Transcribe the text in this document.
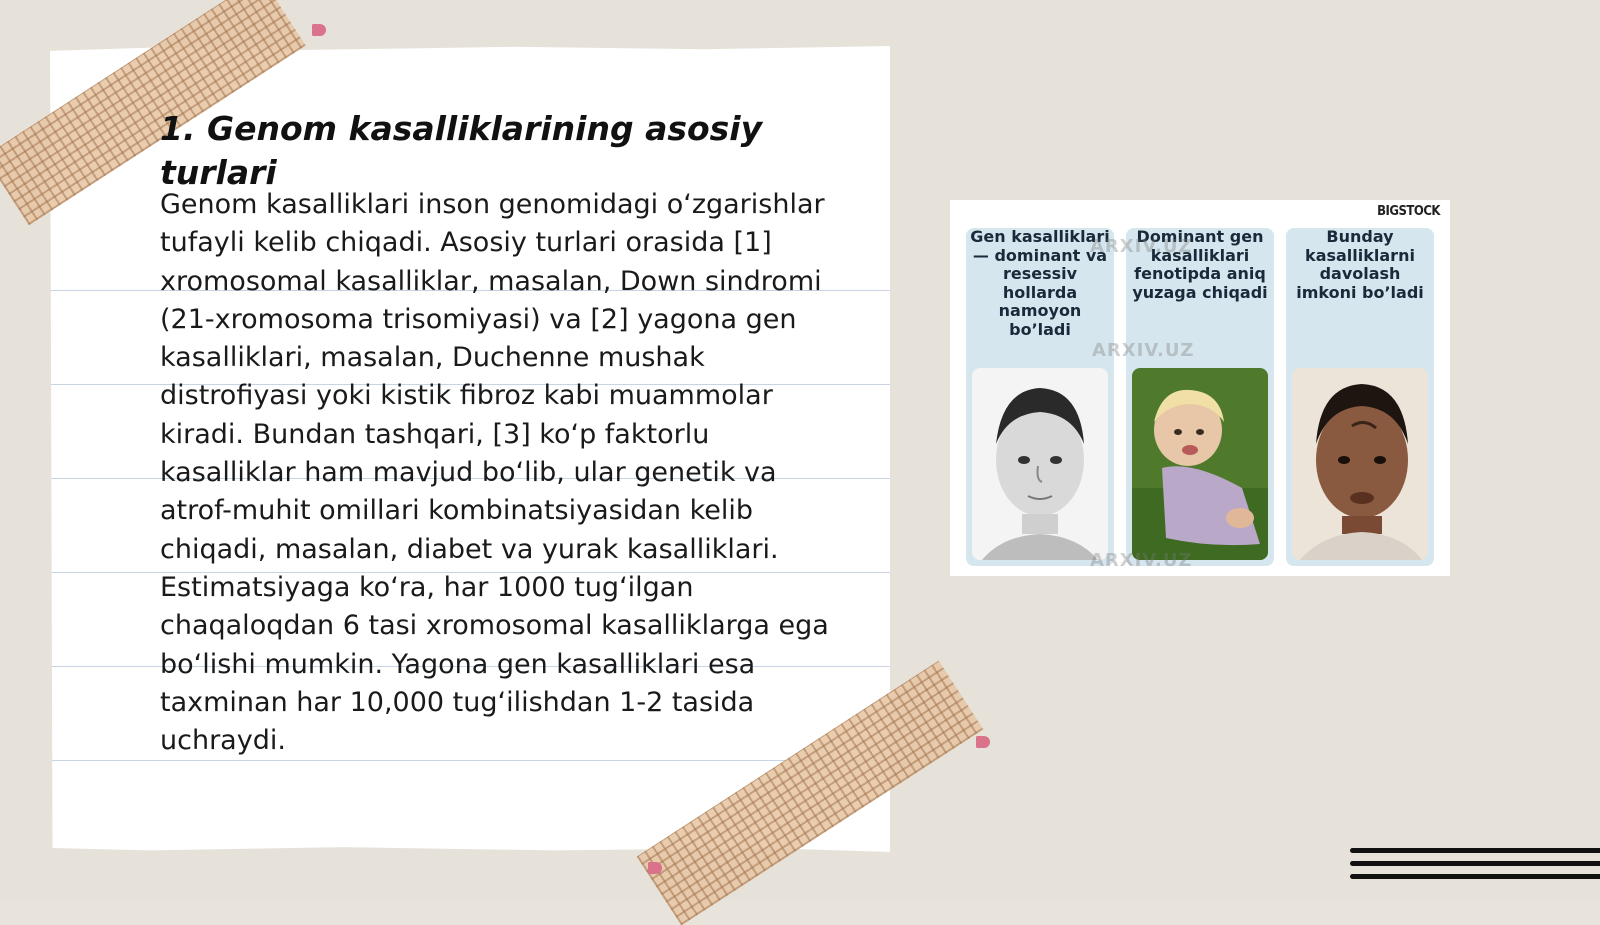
1. Genom kasalliklarining asosiy turlari

Genom kasalliklari inson genomidagi o‘zgarishlar tufayli kelib chiqadi. Asosiy turlari orasida [1] xromosomal kasalliklar, masalan, Down sindromi (21-xromosoma trisomiyasi) va [2] yagona gen kasalliklari, masalan, Duchenne mushak distrofiyasi yoki kistik fibroz kabi muammolar kiradi. Bundan tashqari, [3] ko‘p faktorlu kasalliklar ham mavjud bo‘lib, ular genetik va atrof-muhit omillari kombinatsiyasidan kelib chiqadi, masalan, diabet va yurak kasalliklari. Estimatsiyaga ko‘ra, har 1000 tug‘ilgan chaqaloqdan 6 tasi xromosomal kasalliklarga ega bo‘lishi mumkin. Yagona gen kasalliklari esa taxminan har 10,000 tug‘ilishdan 1-2 tasida uchraydi.

BIGSTOCK
Gen kasalliklari — dominant va resessiv hollarda namoyon bo’ladi
Dominant gen kasalliklari fenotipda aniq yuzaga chiqadi
Bunday kasalliklarni davolash imkoni bo’ladi
ARXIV.UZ
ARXIV.UZ
ARXIV.UZ
